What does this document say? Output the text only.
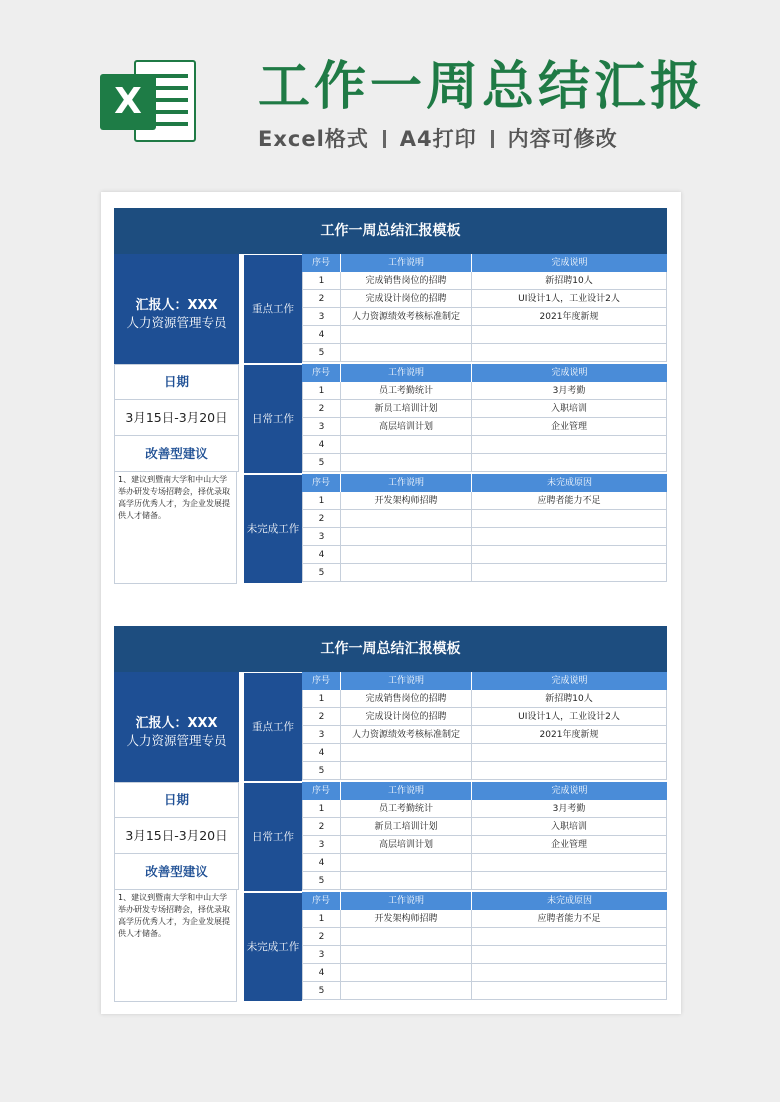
X 工作一周总结汇报
Excel格式 A4打印 内容可修改
工作一周总结汇报模板
汇报人：XXX
人力资源管理专员
日期
3月15日-3月20日
改善型建议
1、建议到暨南大学和中山大学举办研发专场招聘会，择优录取高学历优秀人才，为企业发展提供人才储备。
重点工作
日常工作
未完成工作
序号	工作说明	完成说明
1	完成销售岗位的招聘	新招聘10人
2	完成设计岗位的招聘	UI设计1人，工业设计2人
3	人力资源绩效考核标准制定	2021年度新规
4
5
序号	工作说明	完成说明
1	员工考勤统计	3月考勤
2	新员工培训计划	入职培训
3	高层培训计划	企业管理
4
5
序号	工作说明	未完成原因
1	开发架构师招聘	应聘者能力不足
2
3
4
5
工作一周总结汇报模板
汇报人：XXX
人力资源管理专员
日期
3月15日-3月20日
改善型建议
1、建议到暨南大学和中山大学举办研发专场招聘会，择优录取高学历优秀人才，为企业发展提供人才储备。
重点工作
日常工作
未完成工作
序号	工作说明	完成说明
1	完成销售岗位的招聘	新招聘10人
2	完成设计岗位的招聘	UI设计1人，工业设计2人
3	人力资源绩效考核标准制定	2021年度新规
4
5
序号	工作说明	完成说明
1	员工考勤统计	3月考勤
2	新员工培训计划	入职培训
3	高层培训计划	企业管理
4
5
序号	工作说明	未完成原因
1	开发架构师招聘	应聘者能力不足
2
3
4
5
